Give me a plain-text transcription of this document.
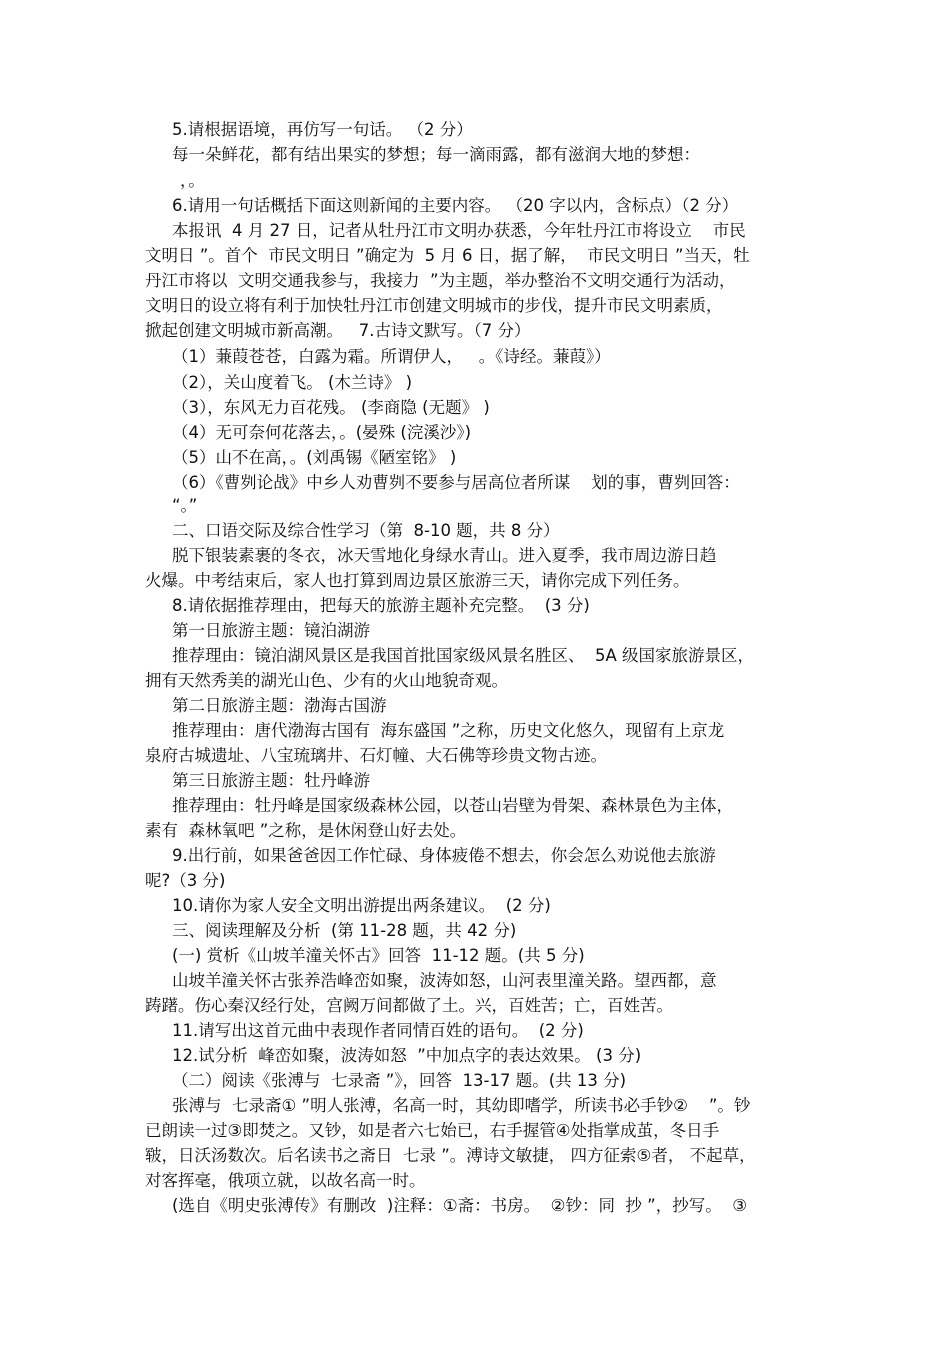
5.请根据语境，再仿写一句话。 （2 分）
每一朵鲜花，都有结出果实的梦想；每一滴雨露，都有滋润大地的梦想：
，。
6.请用一句话概括下面这则新闻的主要内容。 （20 字以内，含标点）（2 分）
本报讯  4 月 27 日，记者从牡丹江市文明办获悉，今年牡丹江市将设立    市民
文明日 ”。首个  市民文明日 ”确定为  5 月 6 日，据了解，  市民文明日 ”当天，牡
丹江市将以  文明交通我参与，我接力  ”为主题，举办整治不文明交通行为活动，
文明日的设立将有利于加快牡丹江市创建文明城市的步伐，提升市民文明素质，
掀起创建文明城市新高潮。   7.古诗文默写。（7 分）
（1）蒹葭苍苍，白露为霜。所谓伊人，   。《诗经。蒹葭》）
（2），关山度着飞。 (木兰诗》 )
（3），东风无力百花残。 (李商隐 (无题》 )
（4）无可奈何花落去，。(晏殊 (浣溪沙》)
（5）山不在高，。(刘禹锡《陋室铭》 )
（6）《曹刿论战》中乡人劝曹刿不要参与居高位者所谋    划的事，曹刿回答：
“。”
二、口语交际及综合性学习（第  8-10 题，共 8 分）
脱下银装素裹的冬衣，冰天雪地化身绿水青山。进入夏季，我市周边游日趋
火爆。中考结束后，家人也打算到周边景区旅游三天，请你完成下列任务。
8.请依据推荐理由，把每天的旅游主题补充完整。  (3 分)
第一日旅游主题：镜泊湖游
推荐理由：镜泊湖风景区是我国首批国家级风景名胜区、  5A 级国家旅游景区，
拥有天然秀美的湖光山色、少有的火山地貌奇观。
第二日旅游主题：渤海古国游
推荐理由：唐代渤海古国有  海东盛国 ”之称，历史文化悠久，现留有上京龙
泉府古城遗址、八宝琉璃井、石灯幢、大石佛等珍贵文物古迹。
第三日旅游主题：牡丹峰游
推荐理由：牡丹峰是国家级森林公园，以苍山岩壁为骨架、森林景色为主体，
素有  森林氧吧 ”之称，是休闲登山好去处。
9.出行前，如果爸爸因工作忙碌、身体疲倦不想去，你会怎么劝说他去旅游
呢?（3 分)
10.请你为家人安全文明出游提出两条建议。  (2 分)
三、阅读理解及分析  (第 11-28 题，共 42 分)
(一) 赏析《山坡羊潼关怀古》回答  11-12 题。(共 5 分)
山坡羊潼关怀古张养浩峰峦如聚，波涛如怒，山河表里潼关路。望西都，意
踌躇。伤心秦汉经行处，宫阙万间都做了土。兴，百姓苦；亡，百姓苦。
11.请写出这首元曲中表现作者同情百姓的语句。  (2 分)
12.试分析  峰峦如聚，波涛如怒  ”中加点字的表达效果。 (3 分)
（二）阅读《张溥与  七录斋 ”》，回答  13-17 题。(共 13 分)
张溥与  七录斋① ”明人张溥，名高一时，其幼即嗜学，所读书必手钞②    ”。钞
已朗读一过③即焚之。又钞，如是者六七始已，右手握管④处指掌成茧，冬日手
皲，日沃汤数次。后名读书之斋日  七录 ”。溥诗文敏捷， 四方征索⑤者， 不起草，
对客挥毫，俄项立就，以故名高一时。
(选自《明史张溥传》有删改  )注释：①斋：书房。  ②钞：同  抄 ”，抄写。  ③
